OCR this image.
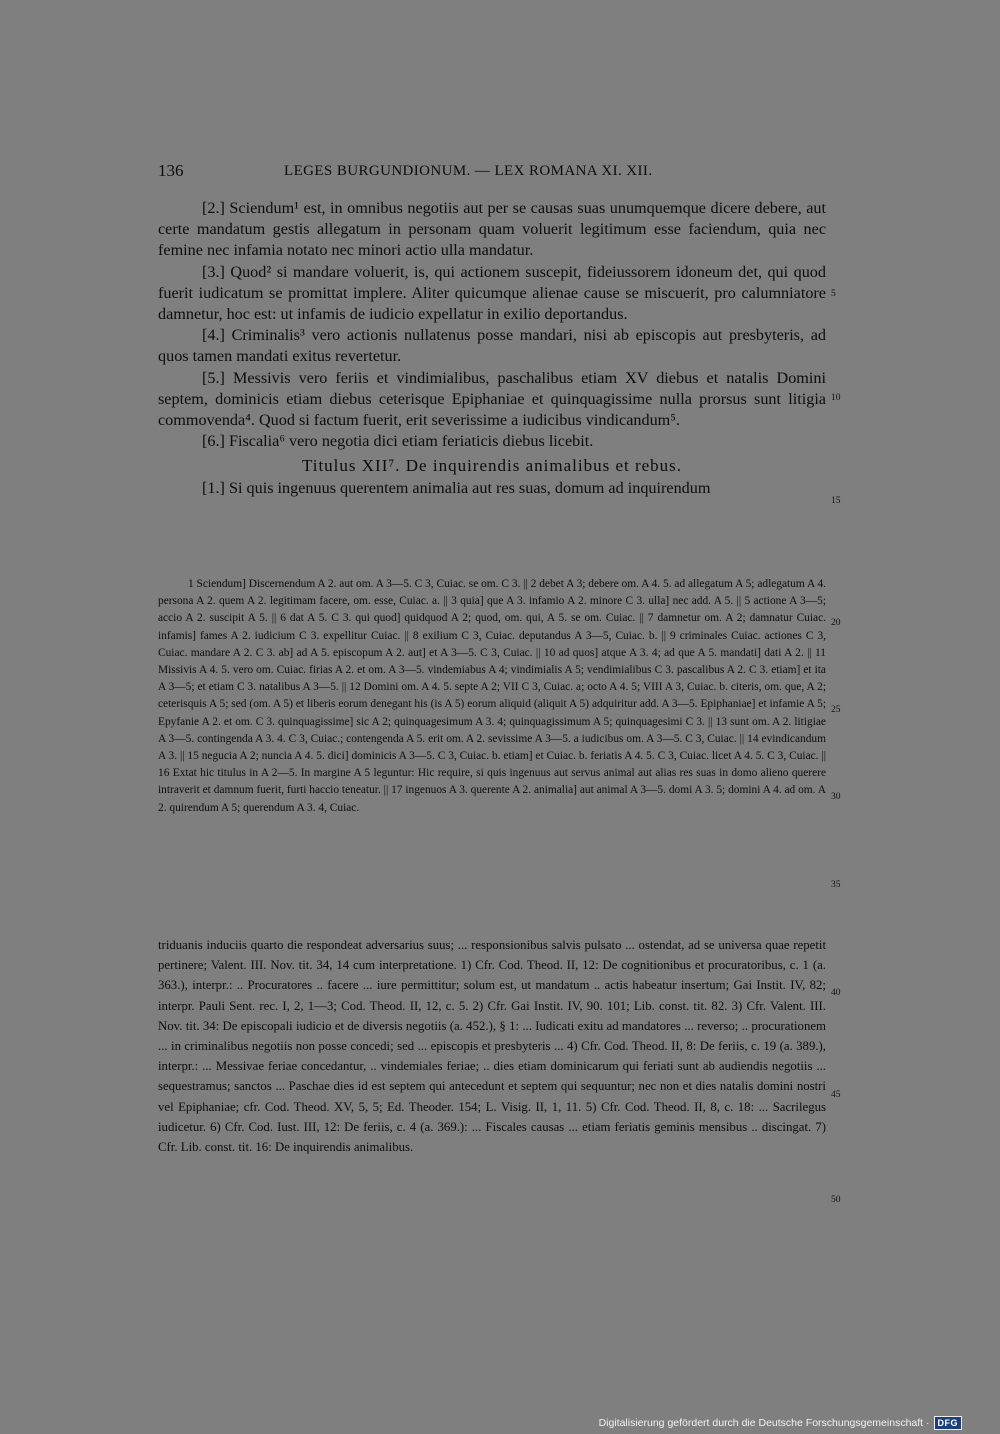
136	LEGES BURGUNDIONUM. — LEX ROMANA XI. XII.

[2.] Sciendum¹ est, in omnibus negotiis aut per se causas suas unumquemque dicere debere, aut certe mandatum gestis allegatum in personam quam voluerit legitimum esse faciendum, quia nec femine nec infamia notato nec minori actio ulla mandatur.

[3.] Quod² si mandare voluerit, is, qui actionem suscepit, fideiussorem idoneum det, qui quod fuerit iudicatum se promittat implere. Aliter quicumque alienae cause se miscuerit, pro calumniatore damnetur, hoc est: ut infamis de iudicio expellatur in exilio deportandus.

[4.] Criminalis³ vero actionis nullatenus posse mandari, nisi ab episcopis aut presbyteris, ad quos tamen mandati exitus revertetur.

[5.] Messivis vero feriis et vindimialibus, paschalibus etiam XV diebus et natalis Domini septem, dominicis etiam diebus ceterisque Epiphaniae et quinquagissime nulla prorsus sunt litigia commovenda⁴. Quod si factum fuerit, erit severissime a iudicibus vindicandum⁵.

[6.] Fiscalia⁶ vero negotia dici etiam feriaticis diebus licebit.

Titulus XII⁷. De inquirendis animalibus et rebus.

[1.] Si quis ingenuus querentem animalia aut res suas, domum ad inquirendum

1 Sciendum] Discernendum A 2. aut om. A 3—5. C 3, Cuiac. se om. C 3. || 2 debet A 3; debere om. A 4. 5. ad allegatum A 5; adlegatum A 4. persona A 2. quem A 2. legitimam facere, om. esse, Cuiac. a. || 3 quia] que A 3. infamio A 2. minore C 3. ulla] nec add. A 5. || 5 actione A 3—5; accio A 2. suscipit A 5. || 6 dat A 5. C 3. qui quod] quidquod A 2; quod, om. qui, A 5. se om. Cuiac. || 7 damnetur om. A 2; damnatur Cuiac. infamis] fames A 2. iudicium C 3. expellitur Cuiac. || 8 exilium C 3, Cuiac. deputandus A 3—5, Cuiac. b. || 9 criminales Cuiac. actiones C 3, Cuiac. mandare A 2. C 3. ab] ad A 5. episcopum A 2. aut] et A 3—5. C 3, Cuiac. || 10 ad quos] atque A 3. 4; ad que A 5. mandati] dati A 2. || 11 Missivis A 4. 5. vero om. Cuiac. firias A 2. et om. A 3—5. vindemiabus A 4; vindimialis A 5; vendimialibus C 3. pascalibus A 2. C 3. etiam] et ita A 3—5; et etiam C 3. natalibus A 3—5. || 12 Domini om. A 4. 5. septe A 2; VII C 3, Cuiac. a; octo A 4. 5; VIII A 3, Cuiac. b. citeris, om. que, A 2; ceterisquis A 5; sed (om. A 5) et liberis eorum denegant his (is A 5) eorum aliquid (aliquit A 5) adquiritur add. A 3—5. Epiphaniae] et infamie A 5; Epyfanie A 2. et om. C 3. quinquagissime] sic A 2; quinquagesimum A 3. 4; quinquagissimum A 5; quinquagesimi C 3. || 13 sunt om. A 2. litigiae A 3—5. contingenda A 3. 4. C 3, Cuiac.; contengenda A 5. erit om. A 2. sevissime A 3—5. a iudicibus om. A 3—5. C 3, Cuiac. || 14 evindicandum A 3. || 15 negucia A 2; nuncia A 4. 5. dici] dominicis A 3—5. C 3, Cuiac. b. etiam] et Cuiac. b. feriatis A 4. 5. C 3, Cuiac. licet A 4. 5. C 3, Cuiac. || 16 Extat hic titulus in A 2—5. In margine A 5 leguntur: Hic require, si quis ingenuus aut servus animal aut alias res suas in domo alieno querere intraverit et damnum fuerit, furti haccio teneatur. || 17 ingenuos A 3. querente A 2. animalia] aut animal A 3—5. domi A 3. 5; domini A 4. ad om. A 2. quirendum A 5; querendum A 3. 4, Cuiac.

triduanis induciis quarto die respondeat adversarius suus; ... responsionibus salvis pulsato ... ostendat, ad se universa quae repetit pertinere; Valent. III. Nov. tit. 34, 14 cum interpretatione. 1) Cfr. Cod. Theod. II, 12: De cognitionibus et procuratoribus, c. 1 (a. 363.), interpr.: .. Procuratores .. facere ... iure permittitur; solum est, ut mandatum .. actis habeatur insertum; Gai Instit. IV, 82; interpr. Pauli Sent. rec. I, 2, 1—3; Cod. Theod. II, 12, c. 5. 2) Cfr. Gai Instit. IV, 90. 101; Lib. const. tit. 82. 3) Cfr. Valent. III. Nov. tit. 34: De episcopali iudicio et de diversis negotiis (a. 452.), § 1: ... Iudicati exitu ad mandatores ... reverso; .. procurationem ... in criminalibus negotiis non posse concedi; sed ... episcopis et presbyteris ... 4) Cfr. Cod. Theod. II, 8: De feriis, c. 19 (a. 389.), interpr.: ... Messivae feriae concedantur, .. vindemiales feriae; .. dies etiam dominicarum qui feriati sunt ab audiendis negotiis ... sequestramus; sanctos ... Paschae dies id est septem qui antecedunt et septem qui sequuntur; nec non et dies natalis domini nostri vel Epiphaniae; cfr. Cod. Theod. XV, 5, 5; Ed. Theoder. 154; L. Visig. II, 1, 11. 5) Cfr. Cod. Theod. II, 8, c. 18: ... Sacrilegus iudicetur. 6) Cfr. Cod. Iust. III, 12: De feriis, c. 4 (a. 369.): ... Fiscales causas ... etiam feriatis geminis mensibus .. discingat. 7) Cfr. Lib. const. tit. 16: De inquirendis animalibus.

5
10
15
20
25
30
35
40
45
50
Digitalisierung gefördert durch die Deutsche Forschungsgemeinschaft · DFG
